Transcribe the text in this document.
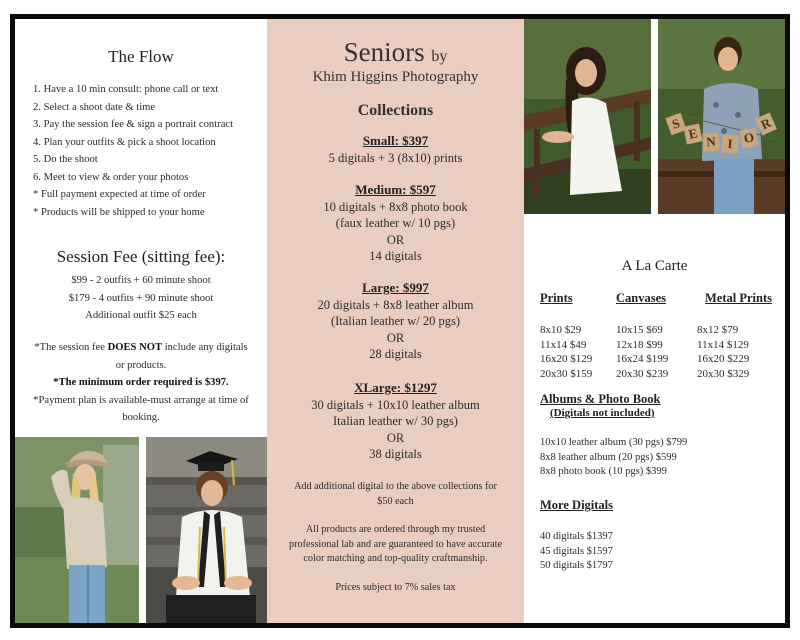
The Flow
1. Have a 10 min consult: phone call or text
2. Select a shoot date & time
3. Pay the session fee & sign a portrait contract
4. Plan your outfits & pick a shoot location
5. Do the shoot
6. Meet to view & order your photos
* Full payment expected at time of order
* Products will be shipped to your home
Session Fee (sitting fee):
$99 - 2 outfits + 60 minute shoot
$179 - 4 outfits + 90 minute shoot
Additional outfit $25 each

*The session fee DOES NOT include any digitals or products.

*The minimum order required is $397.

*Payment plan is available-must arrange at time of booking.

Seniors by
Khim Higgins Photography
Collections
Small: $397
5 digitals + 3 (8x10) prints
Medium: $597
10 digitals + 8x8 photo book
(faux leather w/ 10 pgs)
OR
14 digitals
Large: $997
20 digitals + 8x8 leather album
(Italian leather w/ 20 pgs)
OR
28 digitals
XLarge: $1297
30 digitals + 10x10 leather album
Italian leather w/ 30 pgs)
OR
38 digitals

Add additional digital to the above collections for $50 each

All products are ordered through my trusted professional lab and are guaranteed to have accurate color matching and top-quality craftmanship.

Prices subject to 7% sales tax

S
E N I O
R
A La Carte
Prints	Canvases	Metal Prints
8x10 $29
11x14 $49
16x20 $129
20x30 $159
10x15 $69
12x18 $99
16x24 $199
20x30 $239
8x12 $79
11x14 $129
16x20 $229
20x30 $329
Albums & Photo Book
(Digitals not included)
10x10 leather album (30 pgs) $799
8x8 leather album (20 pgs) $599
8x8 photo book (10 pgs) $399
More Digitals
40 digitals $1397
45 digitals $1597
50 digitals $1797
